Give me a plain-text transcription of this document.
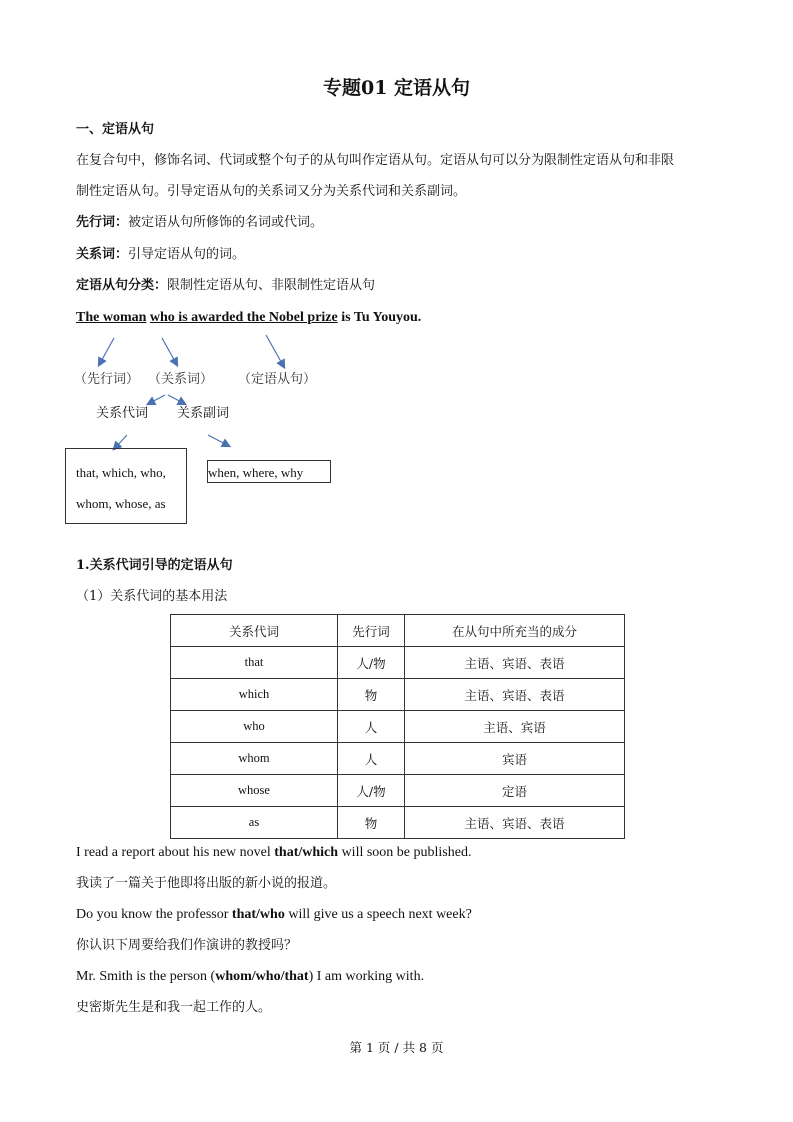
专题01 定语从句
一、定语从句
在复合句中，修饰名词、代词或整个句子的从句叫作定语从句。定语从句可以分为限制性定语从句和非限
制性定语从句。引导定语从句的关系词又分为关系代词和关系副词。
先行词：被定语从句所修饰的名词或代词。
关系词：引导定语从句的词。
定语从句分类：限制性定语从句、非限制性定语从句
The woman who is awarded the Nobel prize is Tu Youyou.
（先行词） （关系词） （定语从句）
关系代词 关系副词
that, which, who,
whom, whose, as
when, where, why
1.关系代词引导的定语从句
（1）关系代词的基本用法
关系代词	先行词	在从句中所充当的成分
that	人/物	主语、宾语、表语
which	物	主语、宾语、表语
who	人	主语、宾语
whom	人	宾语
whose	人/物	定语
as	物	主语、宾语、表语
I read a report about his new novel that/which will soon be published.
我读了一篇关于他即将出版的新小说的报道。
Do you know the professor that/who will give us a speech next week?
你认识下周要给我们作演讲的教授吗？
Mr. Smith is the person (whom/who/that) I am working with.
史密斯先生是和我一起工作的人。
第 1 页 / 共 8 页
